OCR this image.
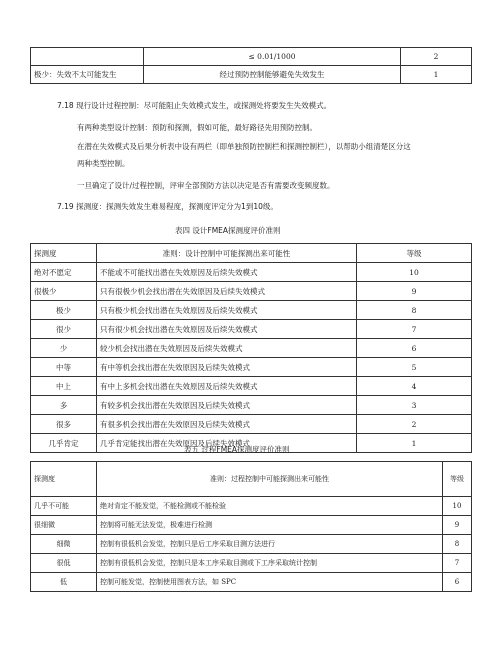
	≤ 0.01/1000	2
极少：失效不太可能发生	经过预防控制能够避免失效发生	1

7.18 现行设计过程控制：尽可能阻止失效模式发生，或探测处将要发生失效模式。

有两种类型设计控制：预防和探测，假如可能，最好路径先用预防控制。

在潜在失效模式及后果分析表中设有两栏（即单独预防控制栏和探测控制栏），以帮助小组清楚区分这

两种类型控制。

一旦确定了设计/过程控制，评审全部预防方法以决定是否有需要改变频度数。

7.19 探测度：探测失效发生难易程度，探测度评定分为1到10级。

表四 设计FMEA探测度评价准则

探测度	准则：设计控制中可能探测出来可能性	等级
绝对不愿定	不能或不可能找出潜在失效原因及后续失效模式	10
很极少	只有很极少机会找出潜在失效原因及后续失效模式	9
极少	只有极少机会找出潜在失效原因及后续失效模式	8
很少	只有很少机会找出潜在失效原因及后续失效模式	7
少	较少机会找出潜在失效原因及后续失效模式	6
中等	有中等机会找出潜在失效原因及后续失效模式	5
中上	有中上多机会找出潜在失效原因及后续失效模式	4
多	有较多机会找出潜在失效原因及后续失效模式	3
很多	有很多机会找出潜在失效原因及后续失效模式	2
几乎肯定	几乎肯定能找出潜在失效原因及后续失效模式	1

表五 过程FMEA探测度评价准则

探测度	准则：过程控制中可能探测出来可能性	等级
几乎不可能	绝对肯定不能发觉，不能检测或不能检验	10
很细微	控制将可能无法发觉，极难进行检测	9
细微	控制有很低机会发觉，控制只是后工序采取目测方法进行	8
很低	控制有很低机会发觉，控制只是本工序采取目测或下工序采取统计控制	7
低	控制可能发觉，控制使用图表方法，如 SPC	6
